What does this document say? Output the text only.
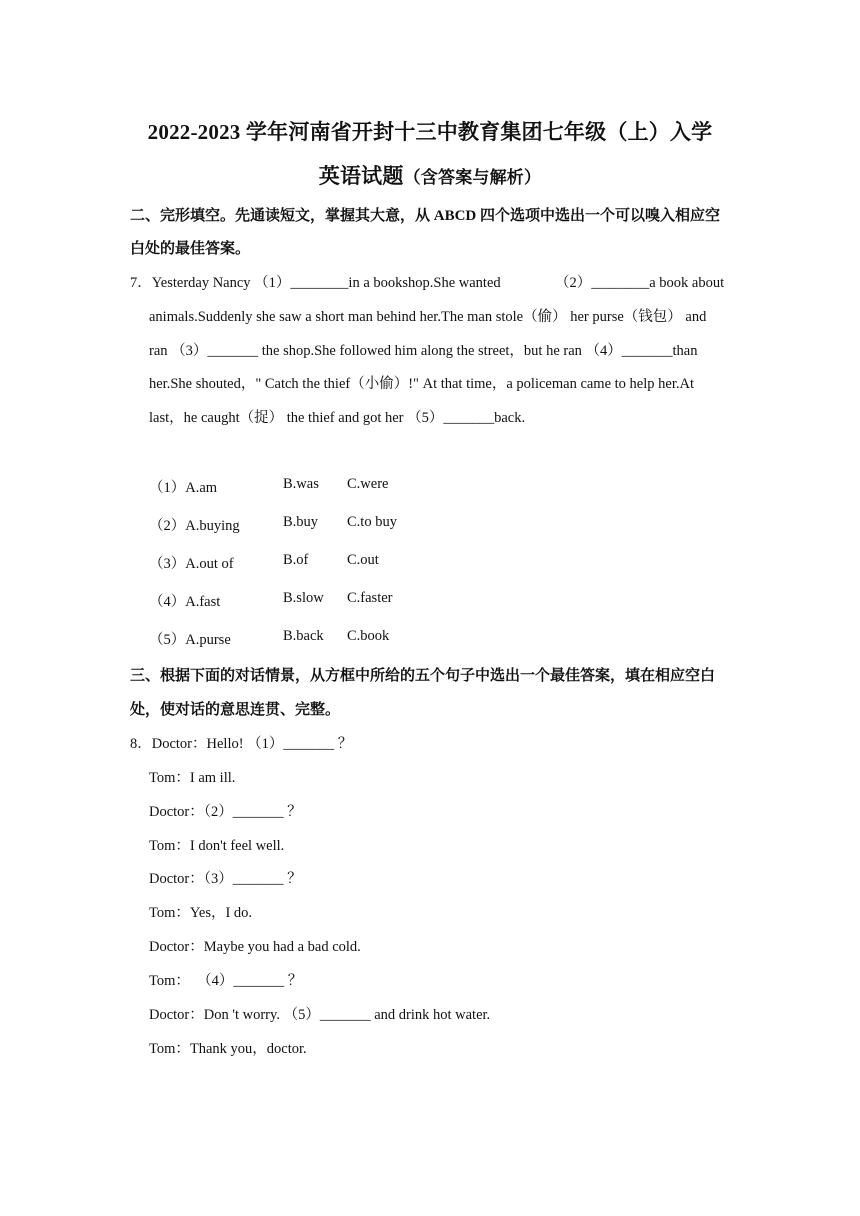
2022-2023 学年河南省开封十三中教育集团七年级（上）入学
英语试题（含答案与解析）
二、完形填空。先通读短文，掌握其大意，从 ABCD 四个选项中选出一个可以嗅入相应空
白处的最佳答案。
7．Yesterday Nancy （1）________in a bookshop.She wanted	（2）________a book about
animals.Suddenly she saw a short man behind her.The man stole（偷） her purse（钱包） and
ran （3）_______ the shop.She followed him along the street，but he ran （4）_______than
her.She shouted，" Catch the thief（小偷）!" At that time，a policeman came to help her.At
last，he caught（捉） the thief and got her （5）_______back.
（1）A.am	B.was C.were
（2）A.buying	B.buy C.to buy
（3）A.out of	B.of	C.out
（4）A.fast	B.slow C.faster
（5）A.purse	B.back C.book
三、根据下面的对话情景，从方框中所给的五个句子中选出一个最佳答案，填在相应空白
处，使对话的意思连贯、完整。
8．Doctor：Hello! （1）_______ ？
Tom：I am ill.
Doctor：（2）_______ ？
Tom：I don't feel well.
Doctor：（3）_______ ？
Tom：Yes，I do.
Doctor：Maybe you had a bad cold.
Tom：  （4）_______ ？
Doctor：Don 't worry. （5）_______ and drink hot water.
Tom：Thank you，doctor.
